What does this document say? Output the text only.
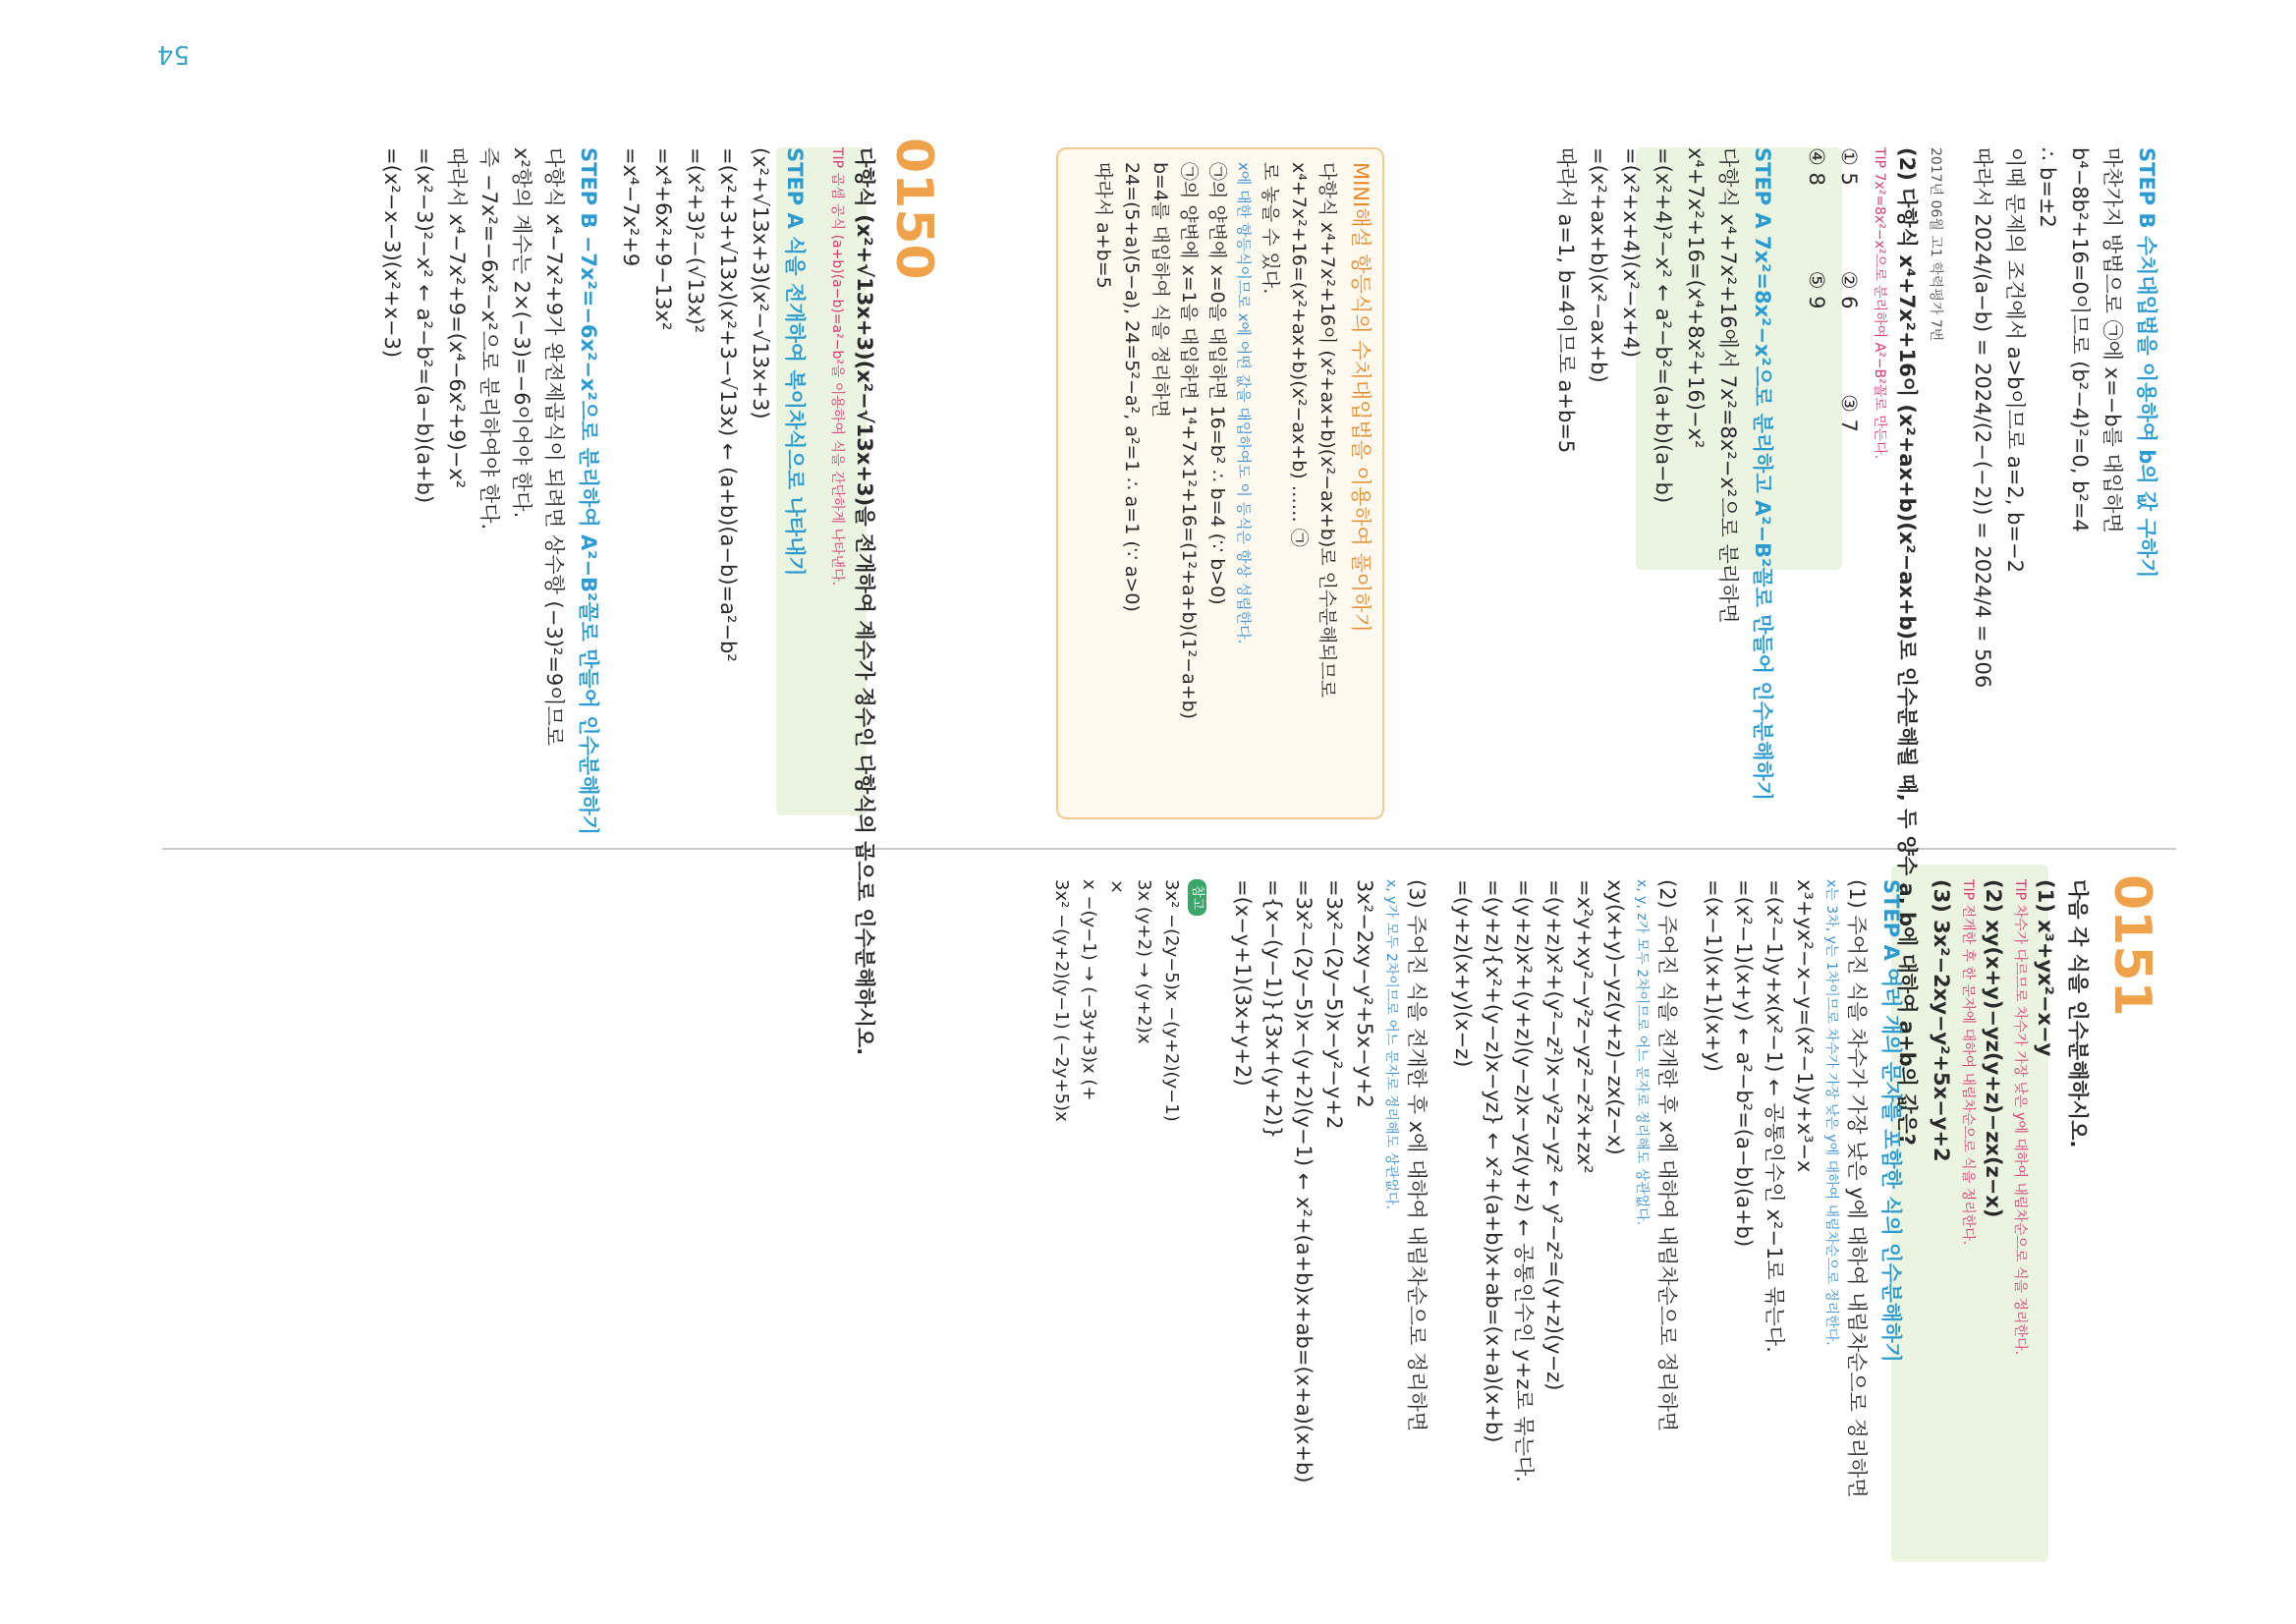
54
0150
다항식 (x²+√13x+3)(x²−√13x+3)을 전개하여 계수가 정수인 다항식의 곱으로 인수분해하시오.
TIP 곱셈 공식 (a+b)(a−b)=a²−b²을 이용하여 식을 간단하게 나타낸다.
STEP A 식을 전개하여 복이차식으로 나타내기
(x²+√13x+3)(x²−√13x+3)
=(x²+3+√13x)(x²+3−√13x) ← (a+b)(a−b)=a²−b²
=(x²+3)²−(√13x)²
=x⁴+6x²+9−13x²
=x⁴−7x²+9
STEP B −7x²=−6x²−x²으로 분리하여 A²−B²꼴로 만들어 인수분해하기
다항식 x⁴−7x²+9가 완전제곱식이 되려면 상수항 (−3)²=9이므로
x²항의 계수는 2×(−3)=−6이어야 한다.
즉 −7x²=−6x²−x²으로 분리하여야 한다.
따라서 x⁴−7x²+9=(x⁴−6x²+9)−x²
=(x²−3)²−x² ← a²−b²=(a−b)(a+b)
=(x²−x−3)(x²+x−3)	MINI해설 항등식의 수치대입법을 이용하여 풀이하기
다항식 x⁴+7x²+16이 (x²+ax+b)(x²−ax+b)로 인수분해되므로
x⁴+7x²+16=(x²+ax+b)(x²−ax+b) …… ㉠
로 놓을 수 있다.
x에 대한 항등식이므로 x에 어떤 값을 대입하여도 이 등식은 항상 성립한다.
㉠의 양변에 x=0을 대입하면 16=b² ∴ b=4 (∵ b>0)
㉠의 양변에 x=1을 대입하면 1⁴+7×1²+16=(1²+a+b)(1²−a+b)
b=4를 대입하여 식을 정리하면
24=(5+a)(5−a), 24=5²−a², a²=1 ∴ a=1 (∵ a>0)
따라서 a+b=5	STEP B 수치대입법을 이용하여 b의 값 구하기
마찬가지 방법으로 ㉠에 x=−b를 대입하면
b⁴−8b²+16=0이므로 (b²−4)²=0, b²=4
∴ b=±2
이때 문제의 조건에서 a>b이므로 a=2, b=−2
따라서 2024/(a−b) = 2024/(2−(−2)) = 2024/4 = 506
2017년 06월 고1 학력평가 7번
(2) 다항식 x⁴+7x²+16이 (x²+ax+b)(x²−ax+b)로 인수분해될 때, 두 양수 a, b에 대하여 a+b의 값은?
TIP 7x²=8x²−x²으로 분리하여 A²−B²꼴로 만든다.
① 5 ② 6 ③ 7
④ 8 ⑤ 9
STEP A 7x²=8x²−x²으로 분리하고 A²−B²꼴로 만들어 인수분해하기
다항식 x⁴+7x²+16에서 7x²=8x²−x²으로 분리하면
x⁴+7x²+16=(x⁴+8x²+16)−x²
=(x²+4)²−x² ← a²−b²=(a+b)(a−b)
=(x²+x+4)(x²−x+4)
=(x²+ax+b)(x²−ax+b)
따라서 a=1, b=4이므로 a+b=5
0151
다음 각 식을 인수분해하시오.
(1) x³+yx²−x−y
TIP 차수가 다르므로 차수가 가장 낮은 y에 대하여 내림차순으로 식을 정리한다.
(2) xy(x+y)−yz(y+z)−zx(z−x)
TIP 전개한 후 한 문자에 대하여 내림차순으로 식을 정리한다.
(3) 3x²−2xy−y²+5x−y+2
STEP A 여러 개의 문자를 포함한 식의 인수분해하기
(1) 주어진 식을 차수가 가장 낮은 y에 대하여 내림차순으로 정리하면
x는 3차, y는 1차이므로 차수가 가장 낮은 y에 대하여 내림차순으로 정리한다.
x³+yx²−x−y=(x²−1)y+x³−x
=(x²−1)y+x(x²−1) ← 공통인수인 x²−1로 묶는다.
=(x²−1)(x+y) ← a²−b²=(a−b)(a+b)
=(x−1)(x+1)(x+y)
(2) 주어진 식을 전개한 후 x에 대하여 내림차순으로 정리하면
x, y, z가 모두 2차이므로 어느 문자로 정리해도 상관없다.
xy(x+y)−yz(y+z)−zx(z−x)
=x²y+xy²−y²z−yz²−z²x+zx²
=(y+z)x²+(y²−z²)x−y²z−yz² ← y²−z²=(y+z)(y−z)
=(y+z)x²+(y+z)(y−z)x−yz(y+z) ← 공통인수인 y+z로 묶는다.
=(y+z){x²+(y−z)x−yz} ← x²+(a+b)x+ab=(x+a)(x+b)
=(y+z)(x+y)(x−z)
(3) 주어진 식을 전개한 후 x에 대하여 내림차순으로 정리하면
x, y가 모두 2차이므로 어느 문자로 정리해도 상관없다.
3x²−2xy−y²+5x−y+2
=3x²−(2y−5)x−y²−y+2
=3x²−(2y−5)x−(y+2)(y−1) ← x²+(a+b)x+ab=(x+a)(x+b)
={x−(y−1)}{3x+(y+2)}
=(x−y+1)(3x+y+2)
참고
3x² −(2y−5)x −(y+2)(y−1)
3x (y+2) → (y+2)x
×
x −(y−1) → (−3y+3)x (+
3x² −(y+2)(y−1) (−2y+5)x
